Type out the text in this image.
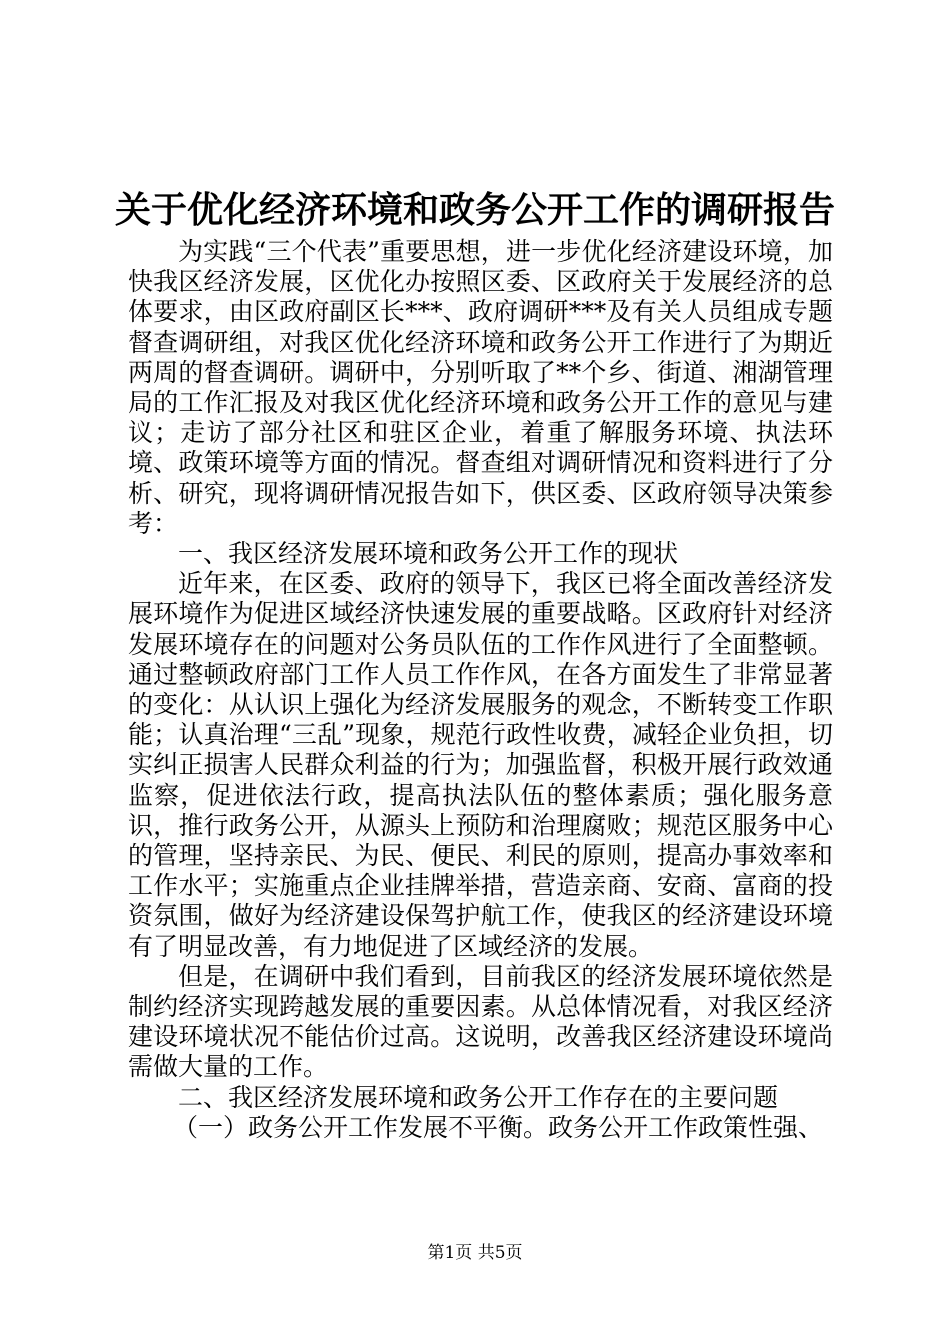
关于优化经济环境和政务公开工作的调研报告

为实践“三个代表”重要思想，进一步优化经济建设环境，加快我区经济发展，区优化办按照区委、区政府关于发展经济的总体要求，由区政府副区长***、政府调研***及有关人员组成专题督查调研组，对我区优化经济环境和政务公开工作进行了为期近两周的督查调研。调研中，分别听取了**个乡、街道、湘湖管理局的工作汇报及对我区优化经济环境和政务公开工作的意见与建议；走访了部分社区和驻区企业，着重了解服务环境、执法环境、政策环境等方面的情况。督查组对调研情况和资料进行了分析、研究，现将调研情况报告如下，供区委、区政府领导决策参考：

一、我区经济发展环境和政务公开工作的现状

近年来，在区委、政府的领导下，我区已将全面改善经济发展环境作为促进区域经济快速发展的重要战略。区政府针对经济发展环境存在的问题对公务员队伍的工作作风进行了全面整顿。通过整顿政府部门工作人员工作作风，在各方面发生了非常显著的变化：从认识上强化为经济发展服务的观念，不断转变工作职能；认真治理“三乱”现象，规范行政性收费，减轻企业负担，切实纠正损害人民群众利益的行为；加强监督，积极开展行政效通监察，促进依法行政，提高执法队伍的整体素质；强化服务意识，推行政务公开，从源头上预防和治理腐败；规范区服务中心的管理，坚持亲民、为民、便民、利民的原则，提高办事效率和工作水平；实施重点企业挂牌举措，营造亲商、安商、富商的投资氛围，做好为经济建设保驾护航工作，使我区的经济建设环境有了明显改善，有力地促进了区域经济的发展。

但是，在调研中我们看到，目前我区的经济发展环境依然是制约经济实现跨越发展的重要因素。从总体情况看，对我区经济建设环境状况不能估价过高。这说明，改善我区经济建设环境尚需做大量的工作。

二、我区经济发展环境和政务公开工作存在的主要问题

（一）政务公开工作发展不平衡。政务公开工作政策性强、

第1页 共5页
